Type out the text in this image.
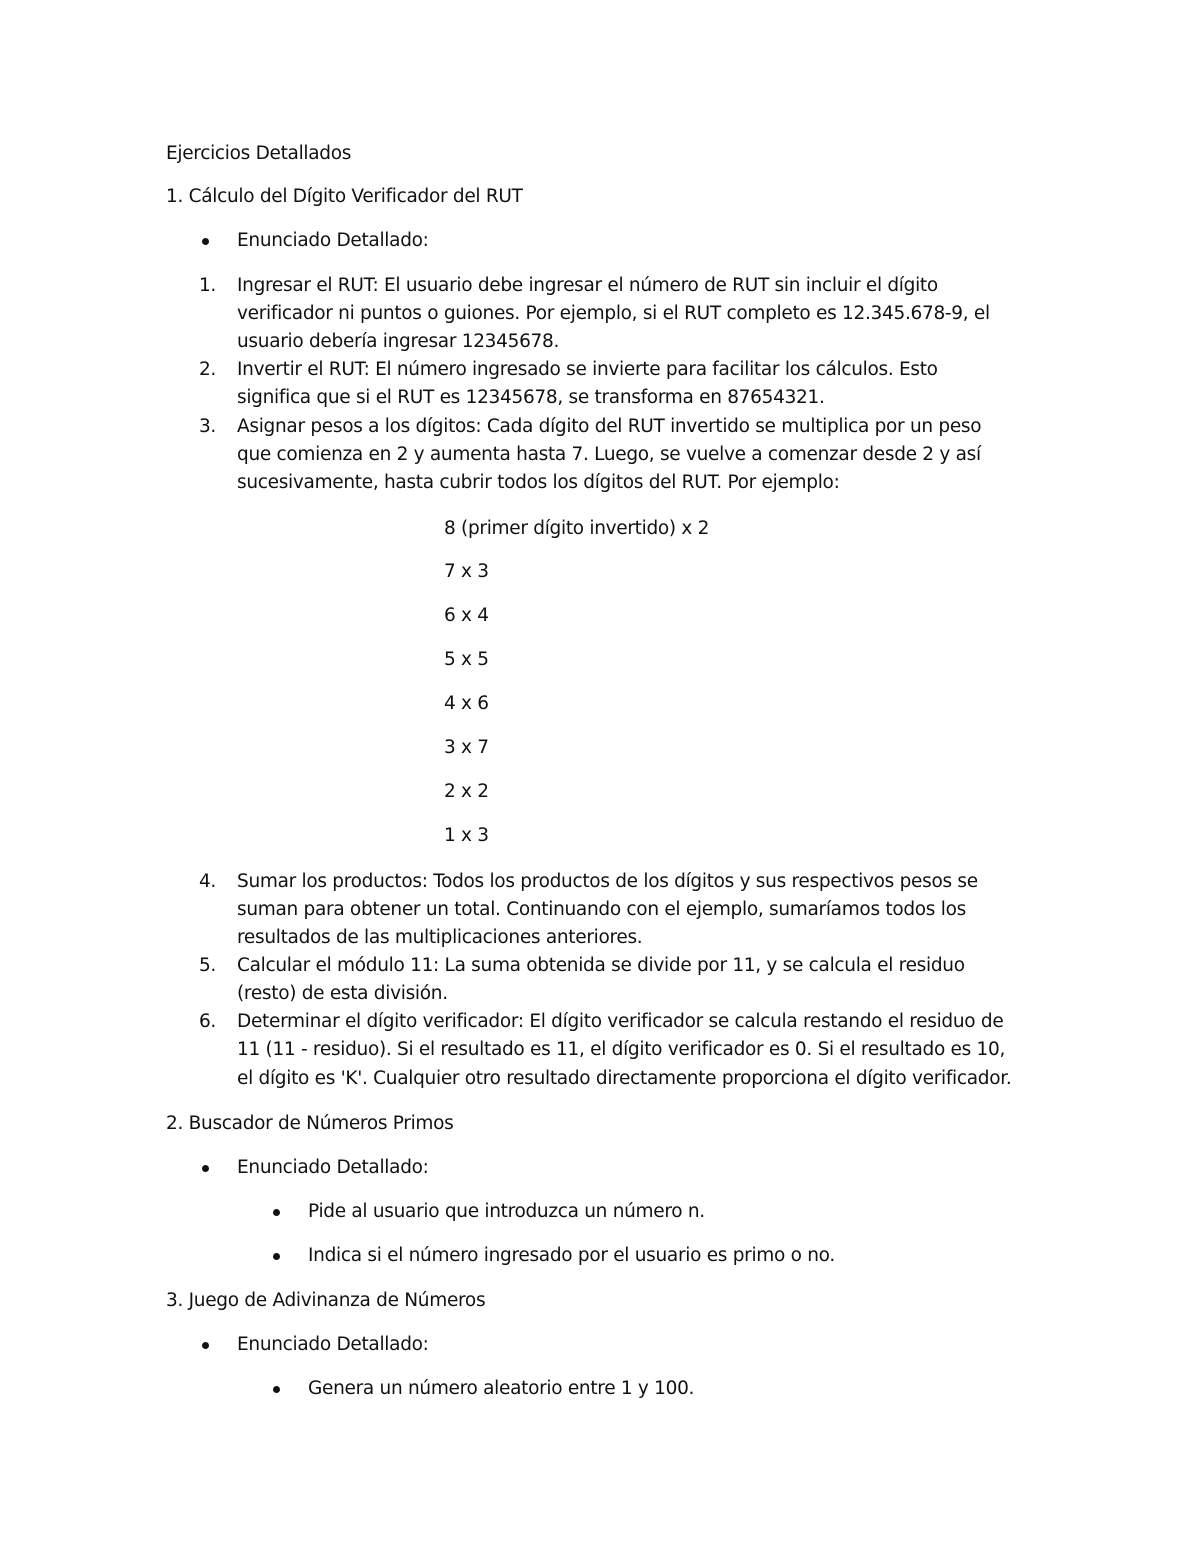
Ejercicios Detallados
1. Cálculo del Dígito Verificador del RUT
Enunciado Detallado:
1. Ingresar el RUT: El usuario debe ingresar el número de RUT sin incluir el dígito
verificador ni puntos o guiones. Por ejemplo, si el RUT completo es 12.345.678-9, el
usuario debería ingresar 12345678.
2. Invertir el RUT: El número ingresado se invierte para facilitar los cálculos. Esto
significa que si el RUT es 12345678, se transforma en 87654321.
3. Asignar pesos a los dígitos: Cada dígito del RUT invertido se multiplica por un peso
que comienza en 2 y aumenta hasta 7. Luego, se vuelve a comenzar desde 2 y así
sucesivamente, hasta cubrir todos los dígitos del RUT. Por ejemplo:
8 (primer dígito invertido) x 2
7 x 3
6 x 4
5 x 5
4 x 6
3 x 7
2 x 2
1 x 3
4. Sumar los productos: Todos los productos de los dígitos y sus respectivos pesos se
suman para obtener un total. Continuando con el ejemplo, sumaríamos todos los
resultados de las multiplicaciones anteriores.
5. Calcular el módulo 11: La suma obtenida se divide por 11, y se calcula el residuo
(resto) de esta división.
6. Determinar el dígito verificador: El dígito verificador se calcula restando el residuo de
11 (11 - residuo). Si el resultado es 11, el dígito verificador es 0. Si el resultado es 10,
el dígito es 'K'. Cualquier otro resultado directamente proporciona el dígito verificador.
2. Buscador de Números Primos
Enunciado Detallado:
Pide al usuario que introduzca un número n.
Indica si el número ingresado por el usuario es primo o no.
3. Juego de Adivinanza de Números
Enunciado Detallado:
Genera un número aleatorio entre 1 y 100.
